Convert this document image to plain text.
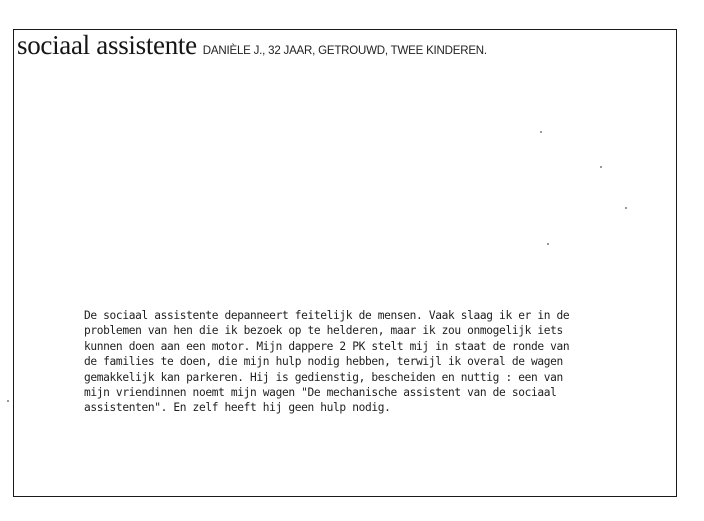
sociaal assistente DANIÈLE J., 32 JAAR, GETROUWD, TWEE KINDEREN.
De sociaal assistente depanneert feitelijk de mensen. Vaak slaag ik er in de
problemen van hen die ik bezoek op te helderen, maar ik zou onmogelijk iets
kunnen doen aan een motor. Mijn dappere 2 PK stelt mij in staat de ronde van
de families te doen, die mijn hulp nodig hebben, terwijl ik overal de wagen
gemakkelijk kan parkeren. Hij is gedienstig, bescheiden en nuttig : een van
mijn vriendinnen noemt mijn wagen "De mechanische assistent van de sociaal
assistenten". En zelf heeft hij geen hulp nodig.
